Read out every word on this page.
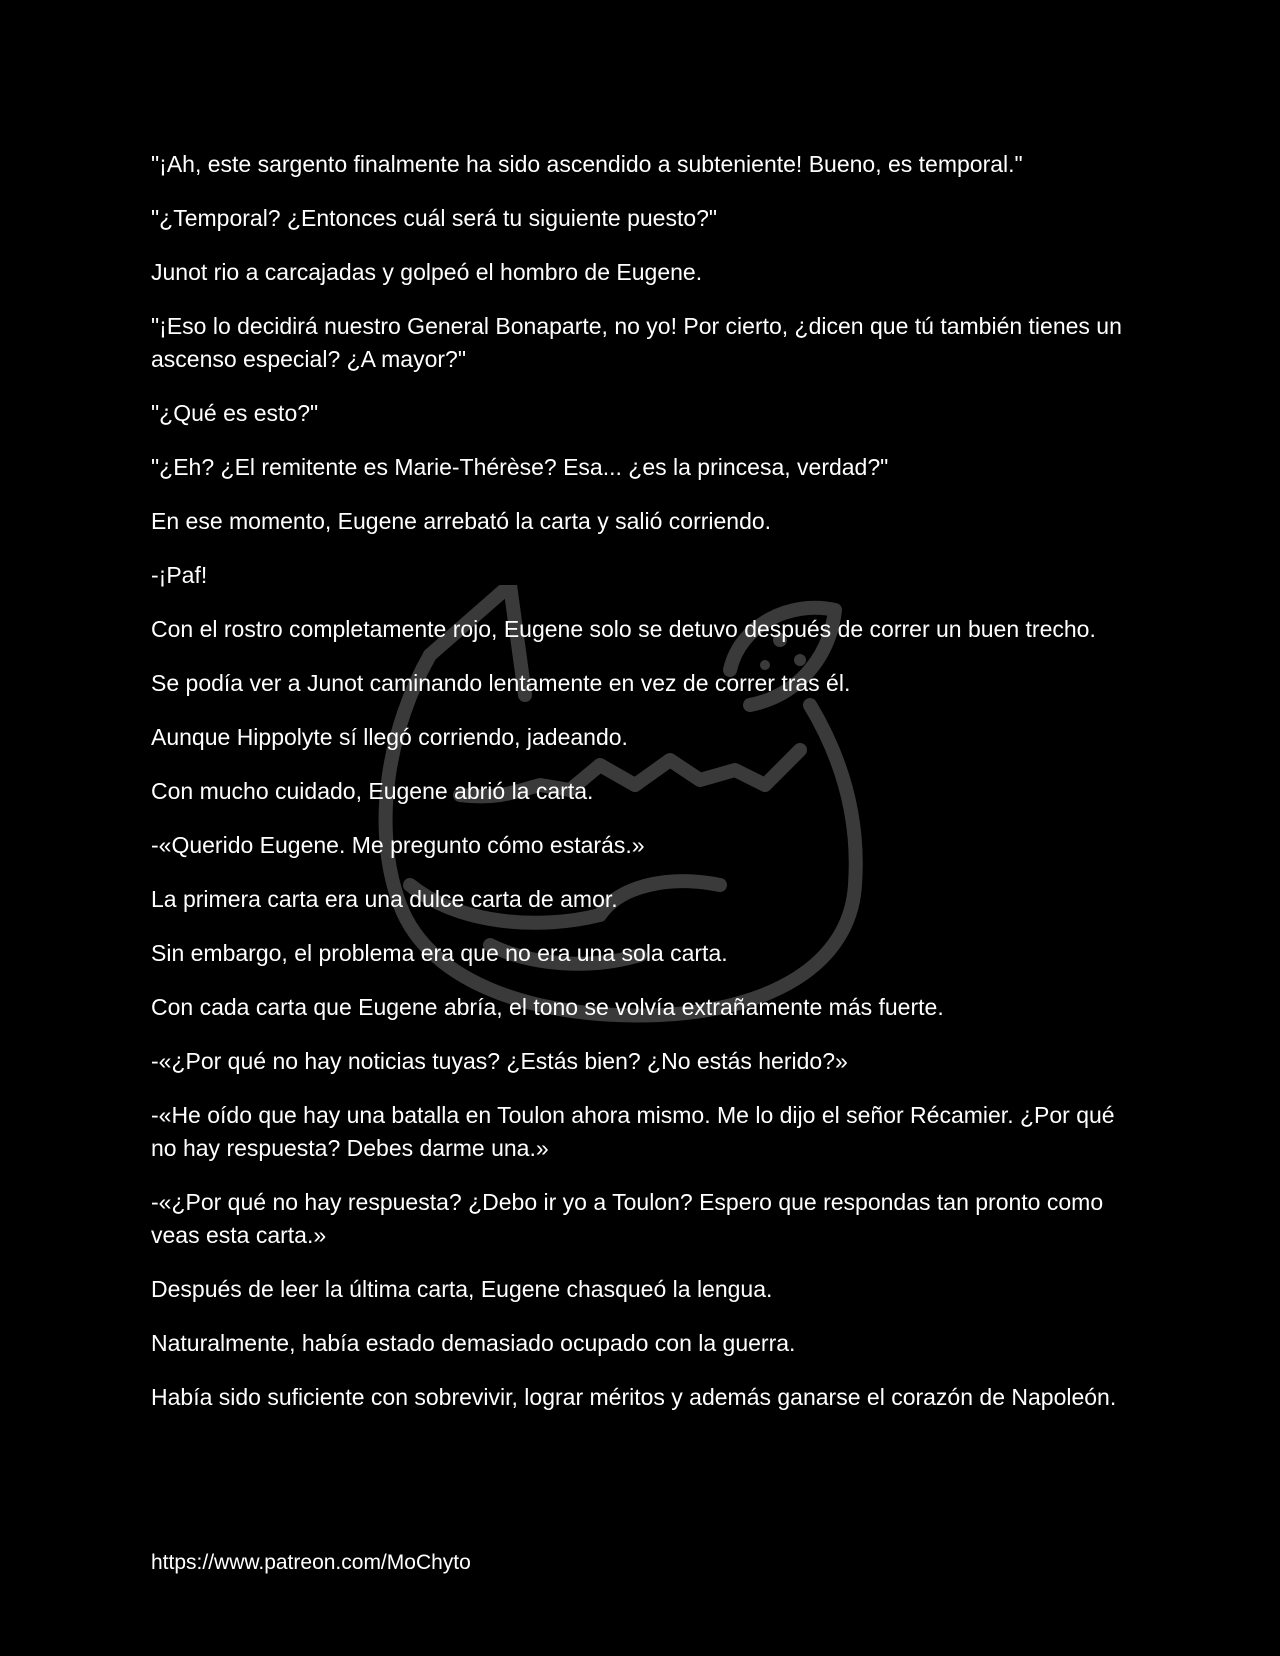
"¡Ah, este sargento finalmente ha sido ascendido a subteniente! Bueno, es temporal."

"¿Temporal? ¿Entonces cuál será tu siguiente puesto?"

Junot rio a carcajadas y golpeó el hombro de Eugene.

"¡Eso lo decidirá nuestro General Bonaparte, no yo! Por cierto, ¿dicen que tú también tienes un ascenso especial? ¿A mayor?"

"¿Qué es esto?"

"¿Eh? ¿El remitente es Marie-Thérèse? Esa... ¿es la princesa, verdad?"

En ese momento, Eugene arrebató la carta y salió corriendo.

-¡Paf!

Con el rostro completamente rojo, Eugene solo se detuvo después de correr un buen trecho.

Se podía ver a Junot caminando lentamente en vez de correr tras él.

Aunque Hippolyte sí llegó corriendo, jadeando.

Con mucho cuidado, Eugene abrió la carta.

-«Querido Eugene. Me pregunto cómo estarás.»

La primera carta era una dulce carta de amor.

Sin embargo, el problema era que no era una sola carta.

Con cada carta que Eugene abría, el tono se volvía extrañamente más fuerte.

-«¿Por qué no hay noticias tuyas? ¿Estás bien? ¿No estás herido?»

-«He oído que hay una batalla en Toulon ahora mismo. Me lo dijo el señor Récamier. ¿Por qué no hay respuesta? Debes darme una.»

-«¿Por qué no hay respuesta? ¿Debo ir yo a Toulon? Espero que respondas tan pronto como veas esta carta.»

Después de leer la última carta, Eugene chasqueó la lengua.

Naturalmente, había estado demasiado ocupado con la guerra.

Había sido suficiente con sobrevivir, lograr méritos y además ganarse el corazón de Napoleón.

https://www.patreon.com/MoChyto
